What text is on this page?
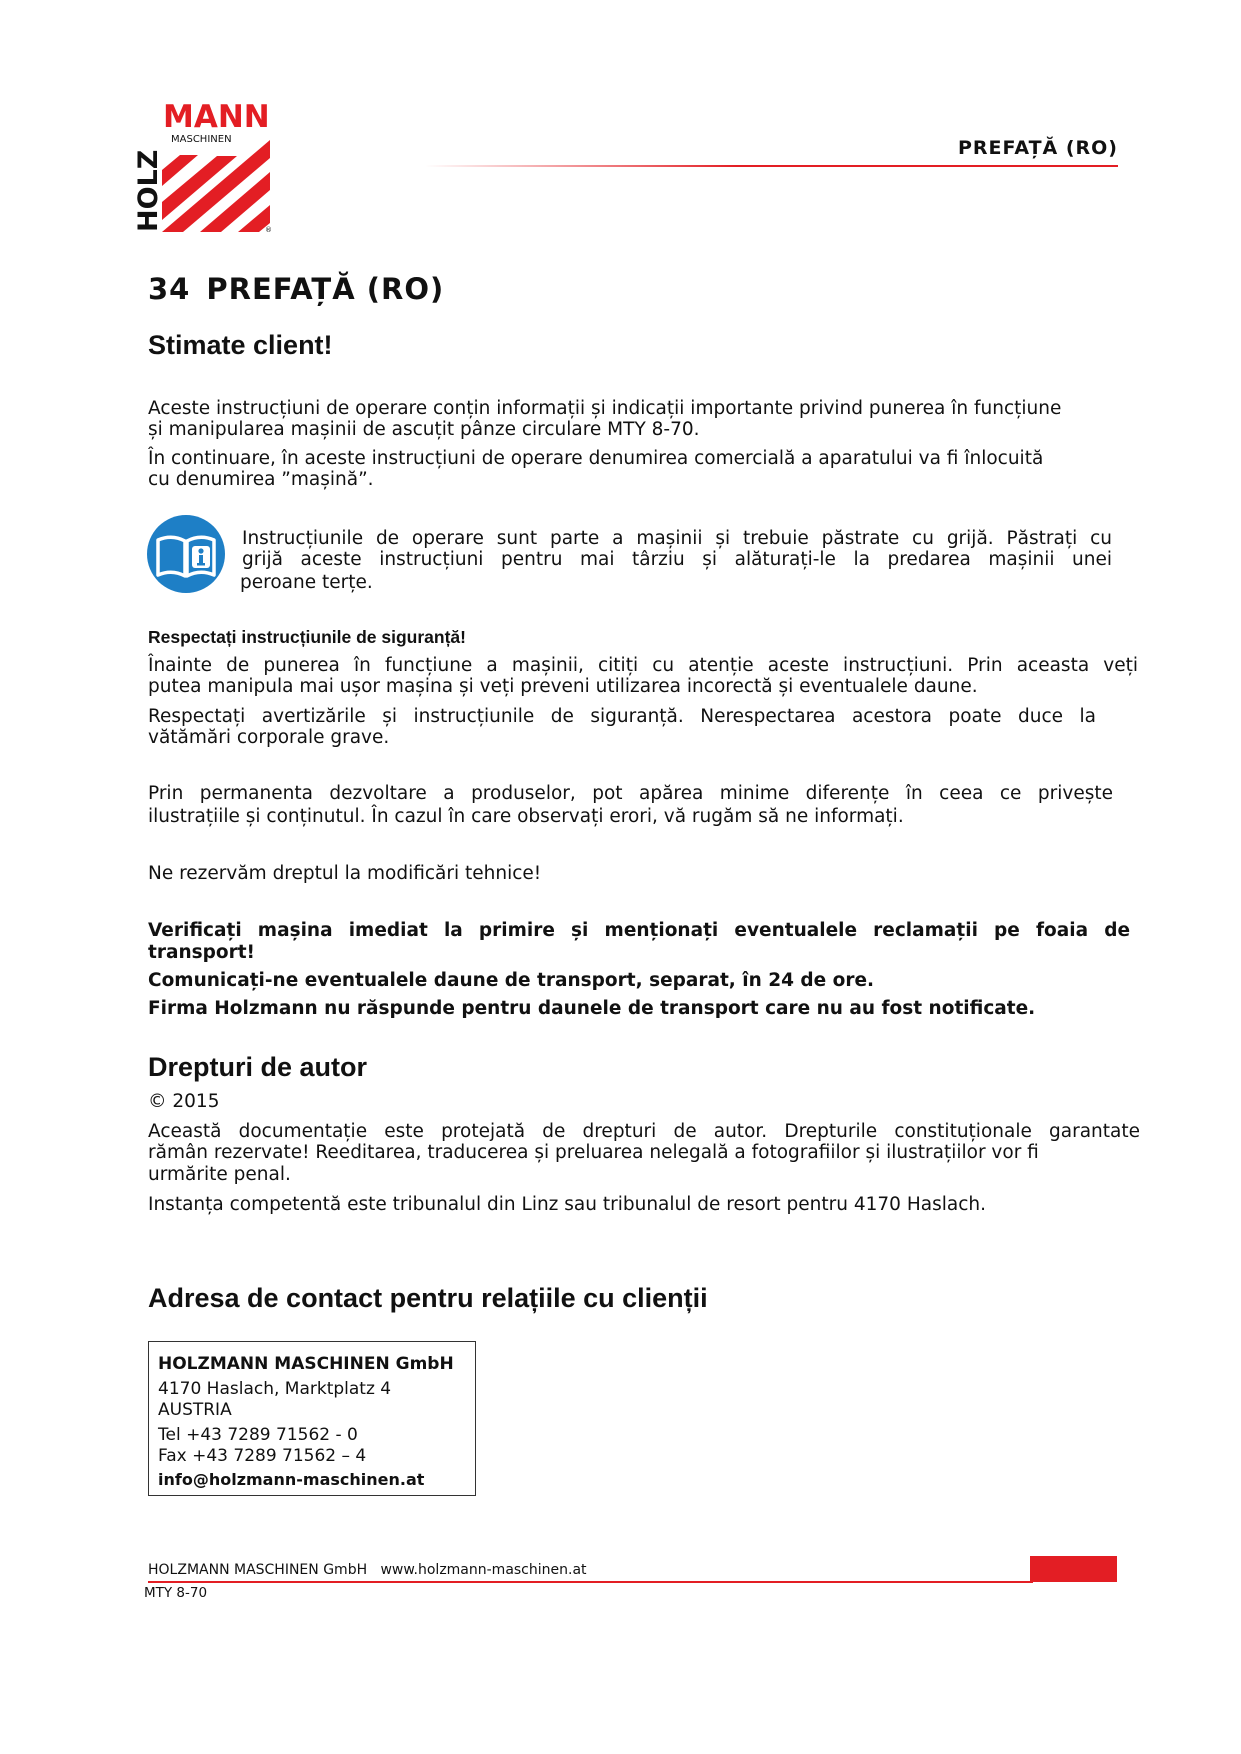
MANN
MASCHINEN
HOLZ	®
PREFAȚĂ (RO)
34 PREFAȚĂ (RO)
Stimate client!
Aceste instrucțiuni de operare conțin informații și indicații importante privind punerea în funcțiune
și manipularea mașinii de ascuțit pânze circulare MTY 8-70.
În continuare, în aceste instrucțiuni de operare denumirea comercială a aparatului va fi înlocuită
cu denumirea ”mașină”.
Instrucțiunile de operare sunt parte a mașinii și trebuie păstrate cu grijă. Păstrați cu
grijă aceste instrucțiuni pentru mai târziu și alăturați-le la predarea mașinii unei
peroane terțe.
Respectați instrucțiunile de siguranță!
Înainte de punerea în funcțiune a mașinii, citiți cu atenție aceste instrucțiuni. Prin aceasta veți
putea manipula mai ușor mașina și veți preveni utilizarea incorectă și eventualele daune.
Respectați avertizările și instrucțiunile de siguranță. Nerespectarea acestora poate duce la
vătămări corporale grave.
Prin permanenta dezvoltare a produselor, pot apărea minime diferențe în ceea ce privește
ilustrațiile și conținutul. În cazul în care observați erori, vă rugăm să ne informați.
Ne rezervăm dreptul la modificări tehnice!
Verificați mașina imediat la primire și menționați eventualele reclamații pe foaia de
transport!
Comunicați-ne eventualele daune de transport, separat, în 24 de ore.
Firma Holzmann nu răspunde pentru daunele de transport care nu au fost notificate.
Drepturi de autor
© 2015
Această documentație este protejată de drepturi de autor. Drepturile constituționale garantate
rămân rezervate! Reeditarea, traducerea și preluarea nelegală a fotografiilor și ilustrațiilor vor fi
urmărite penal.
Instanța competentă este tribunalul din Linz sau tribunalul de resort pentru 4170 Haslach.
Adresa de contact pentru relațiile cu clienții
HOLZMANN MASCHINEN GmbH
4170 Haslach, Marktplatz 4
AUSTRIA
Tel +43 7289 71562 - 0
Fax +43 7289 71562 – 4
info@holzmann-maschinen.at
HOLZMANN MASCHINEN GmbH www.holzmann-maschinen.at
MTY 8-70
